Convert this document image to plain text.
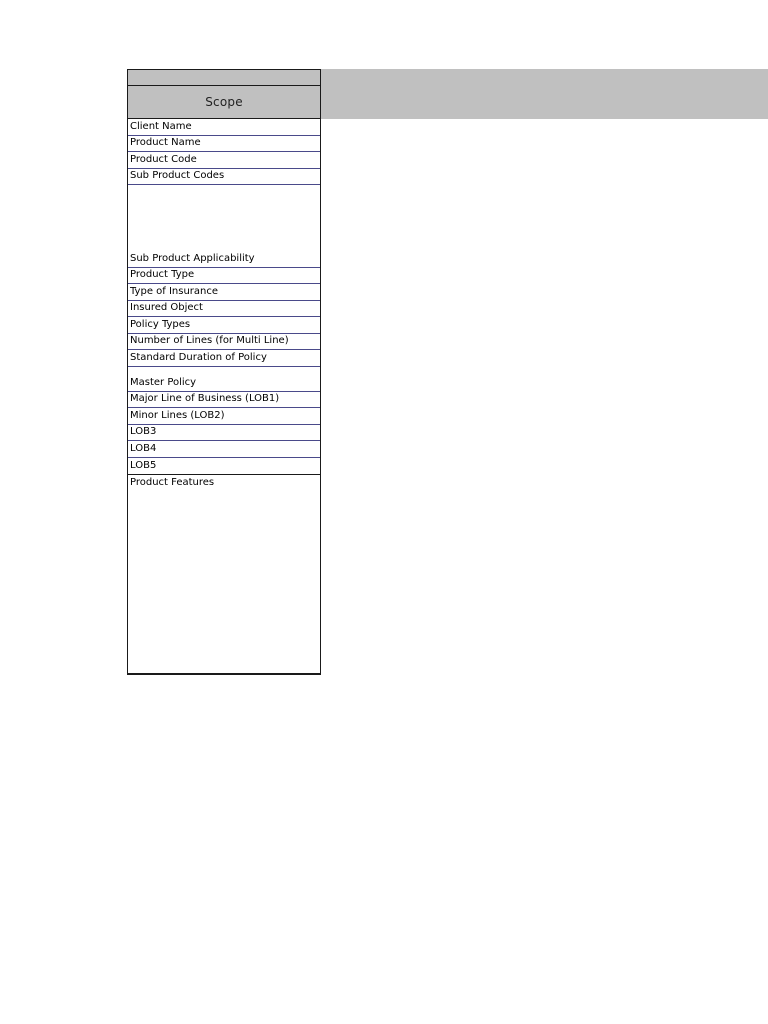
Scope
Client Name
Product Name
Product Code
Sub Product Codes
Sub Product Applicability
Product Type
Type of Insurance
Insured Object
Policy Types
Number of Lines (for Multi Line)
Standard Duration of Policy
Master Policy
Major Line of Business (LOB1)
Minor Lines (LOB2)
LOB3
LOB4
LOB5
Product Features
